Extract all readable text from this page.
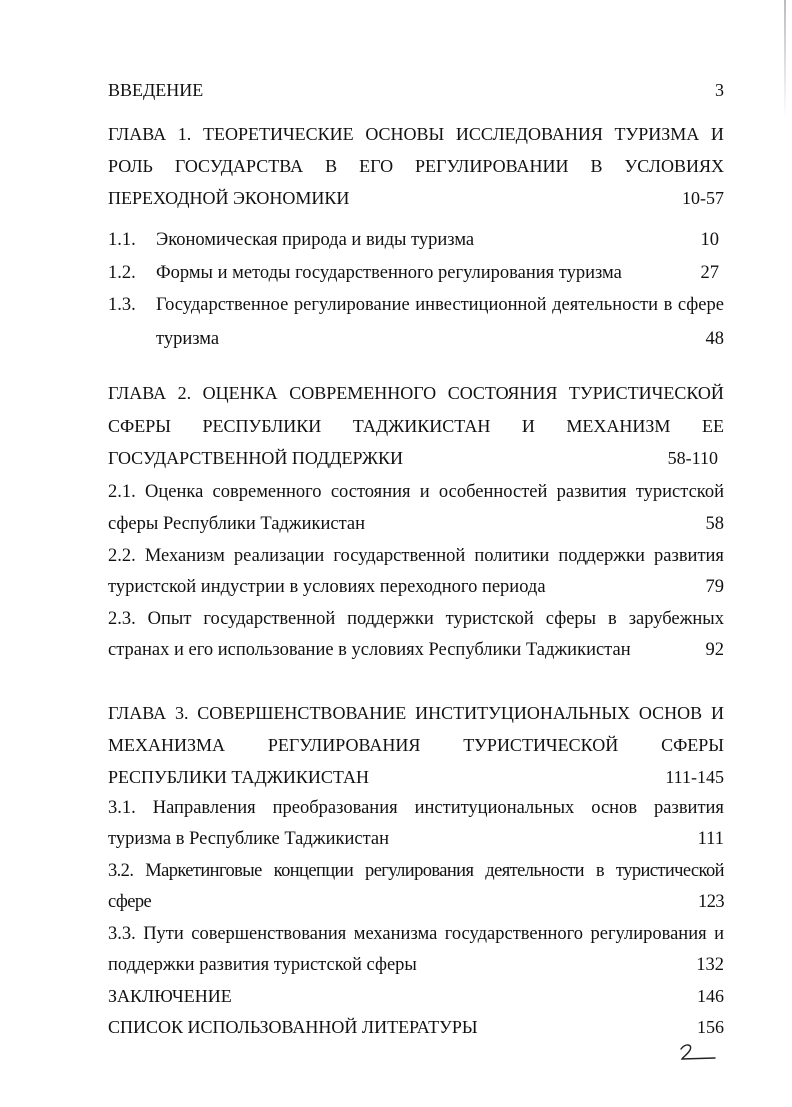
ВВЕДЕНИЕ	3
ГЛАВА 1. ТЕОРЕТИЧЕСКИЕ ОСНОВЫ ИССЛЕДОВАНИЯ ТУРИЗМА И
РОЛЬ ГОСУДАРСТВА В ЕГО РЕГУЛИРОВАНИИ В УСЛОВИЯХ
ПЕРЕХОДНОЙ ЭКОНОМИКИ	10-57
1.1. Экономическая природа и виды туризма	10
1.2. Формы и методы государственного регулирования туризма	27
1.3. Государственное регулирование инвестиционной деятельности в сфере
туризма	48
ГЛАВА 2. ОЦЕНКА СОВРЕМЕННОГО СОСТОЯНИЯ ТУРИСТИЧЕСКОЙ
СФЕРЫ РЕСПУБЛИКИ ТАДЖИКИСТАН И МЕХАНИЗМ ЕЕ
ГОСУДАРСТВЕННОЙ ПОДДЕРЖКИ	58-110
2.1. Оценка современного состояния и особенностей развития туристской
сферы Республики Таджикистан	58
2.2. Механизм реализации государственной политики поддержки развития
туристской индустрии в условиях переходного периода	79
2.3. Опыт государственной поддержки туристской сферы в зарубежных
странах и его использование в условиях Республики Таджикистан	92
ГЛАВА 3. СОВЕРШЕНСТВОВАНИЕ ИНСТИТУЦИОНАЛЬНЫХ ОСНОВ И
МЕХАНИЗМА РЕГУЛИРОВАНИЯ ТУРИСТИЧЕСКОЙ СФЕРЫ
РЕСПУБЛИКИ ТАДЖИКИСТАН	111-145
3.1. Направления преобразования институциональных основ развития
туризма в Республике Таджикистан	111
3.2. Маркетинговые концепции регулирования деятельности в туристической
сфере	123
3.3. Пути совершенствования механизма государственного регулирования и
поддержки развития туристской сферы	132
ЗАКЛЮЧЕНИЕ	146
СПИСОК ИСПОЛЬЗОВАННОЙ ЛИТЕРАТУРЫ	156
